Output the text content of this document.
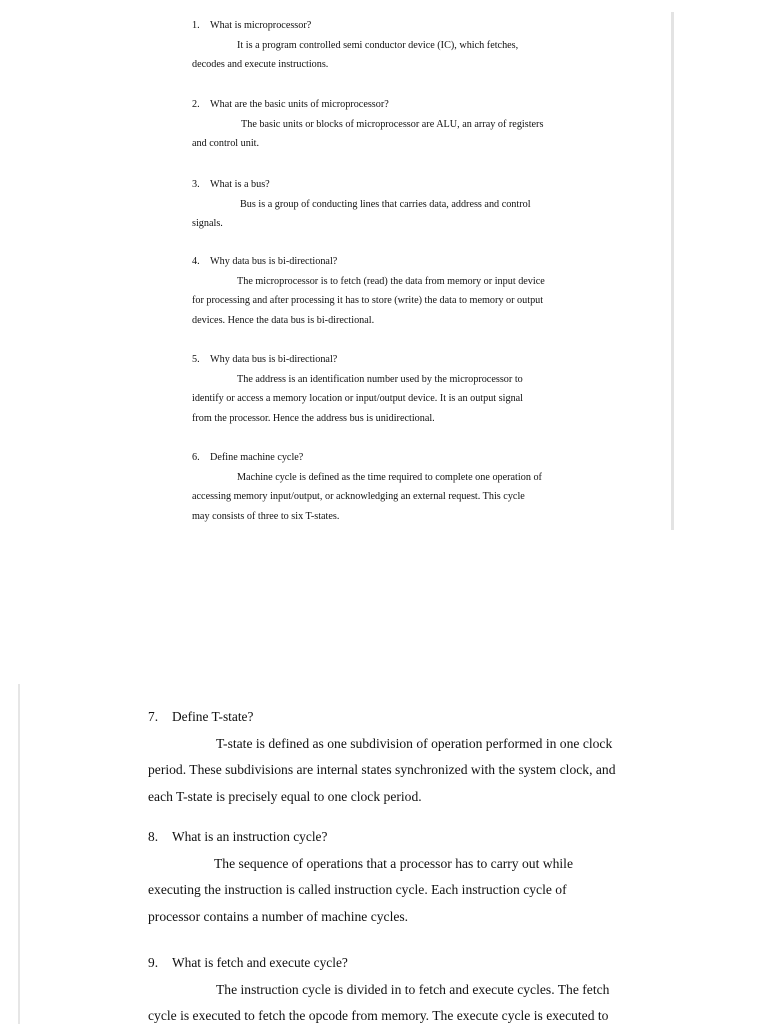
1. What is microprocessor?
It is a program controlled semi conductor device (IC), which fetches,
decodes and execute instructions.
2. What are the basic units of microprocessor?
The basic units or blocks of microprocessor are ALU, an array of registers
and control unit.
3. What is a bus?
Bus is a group of conducting lines that carries data, address and control
signals.
4. Why data bus is bi-directional?
The microprocessor is to fetch (read) the data from memory or input device
for processing and after processing it has to store (write) the data to memory or output
devices. Hence the data bus is bi-directional.
5. Why data bus is bi-directional?
The address is an identification number used by the microprocessor to
identify or access a memory location or input/output device. It is an output signal
from the processor. Hence the address bus is unidirectional.
6. Define machine cycle?
Machine cycle is defined as the time required to complete one operation of
accessing memory input/output, or acknowledging an external request. This cycle
may consists of three to six T-states.
7. Define T-state?
T-state is defined as one subdivision of operation performed in one clock
period. These subdivisions are internal states synchronized with the system clock, and
each T-state is precisely equal to one clock period.
8. What is an instruction cycle?
The sequence of operations that a processor has to carry out while
executing the instruction is called instruction cycle. Each instruction cycle of
processor contains a number of machine cycles.
9. What is fetch and execute cycle?
The instruction cycle is divided in to fetch and execute cycles. The fetch
cycle is executed to fetch the opcode from memory. The execute cycle is executed to
